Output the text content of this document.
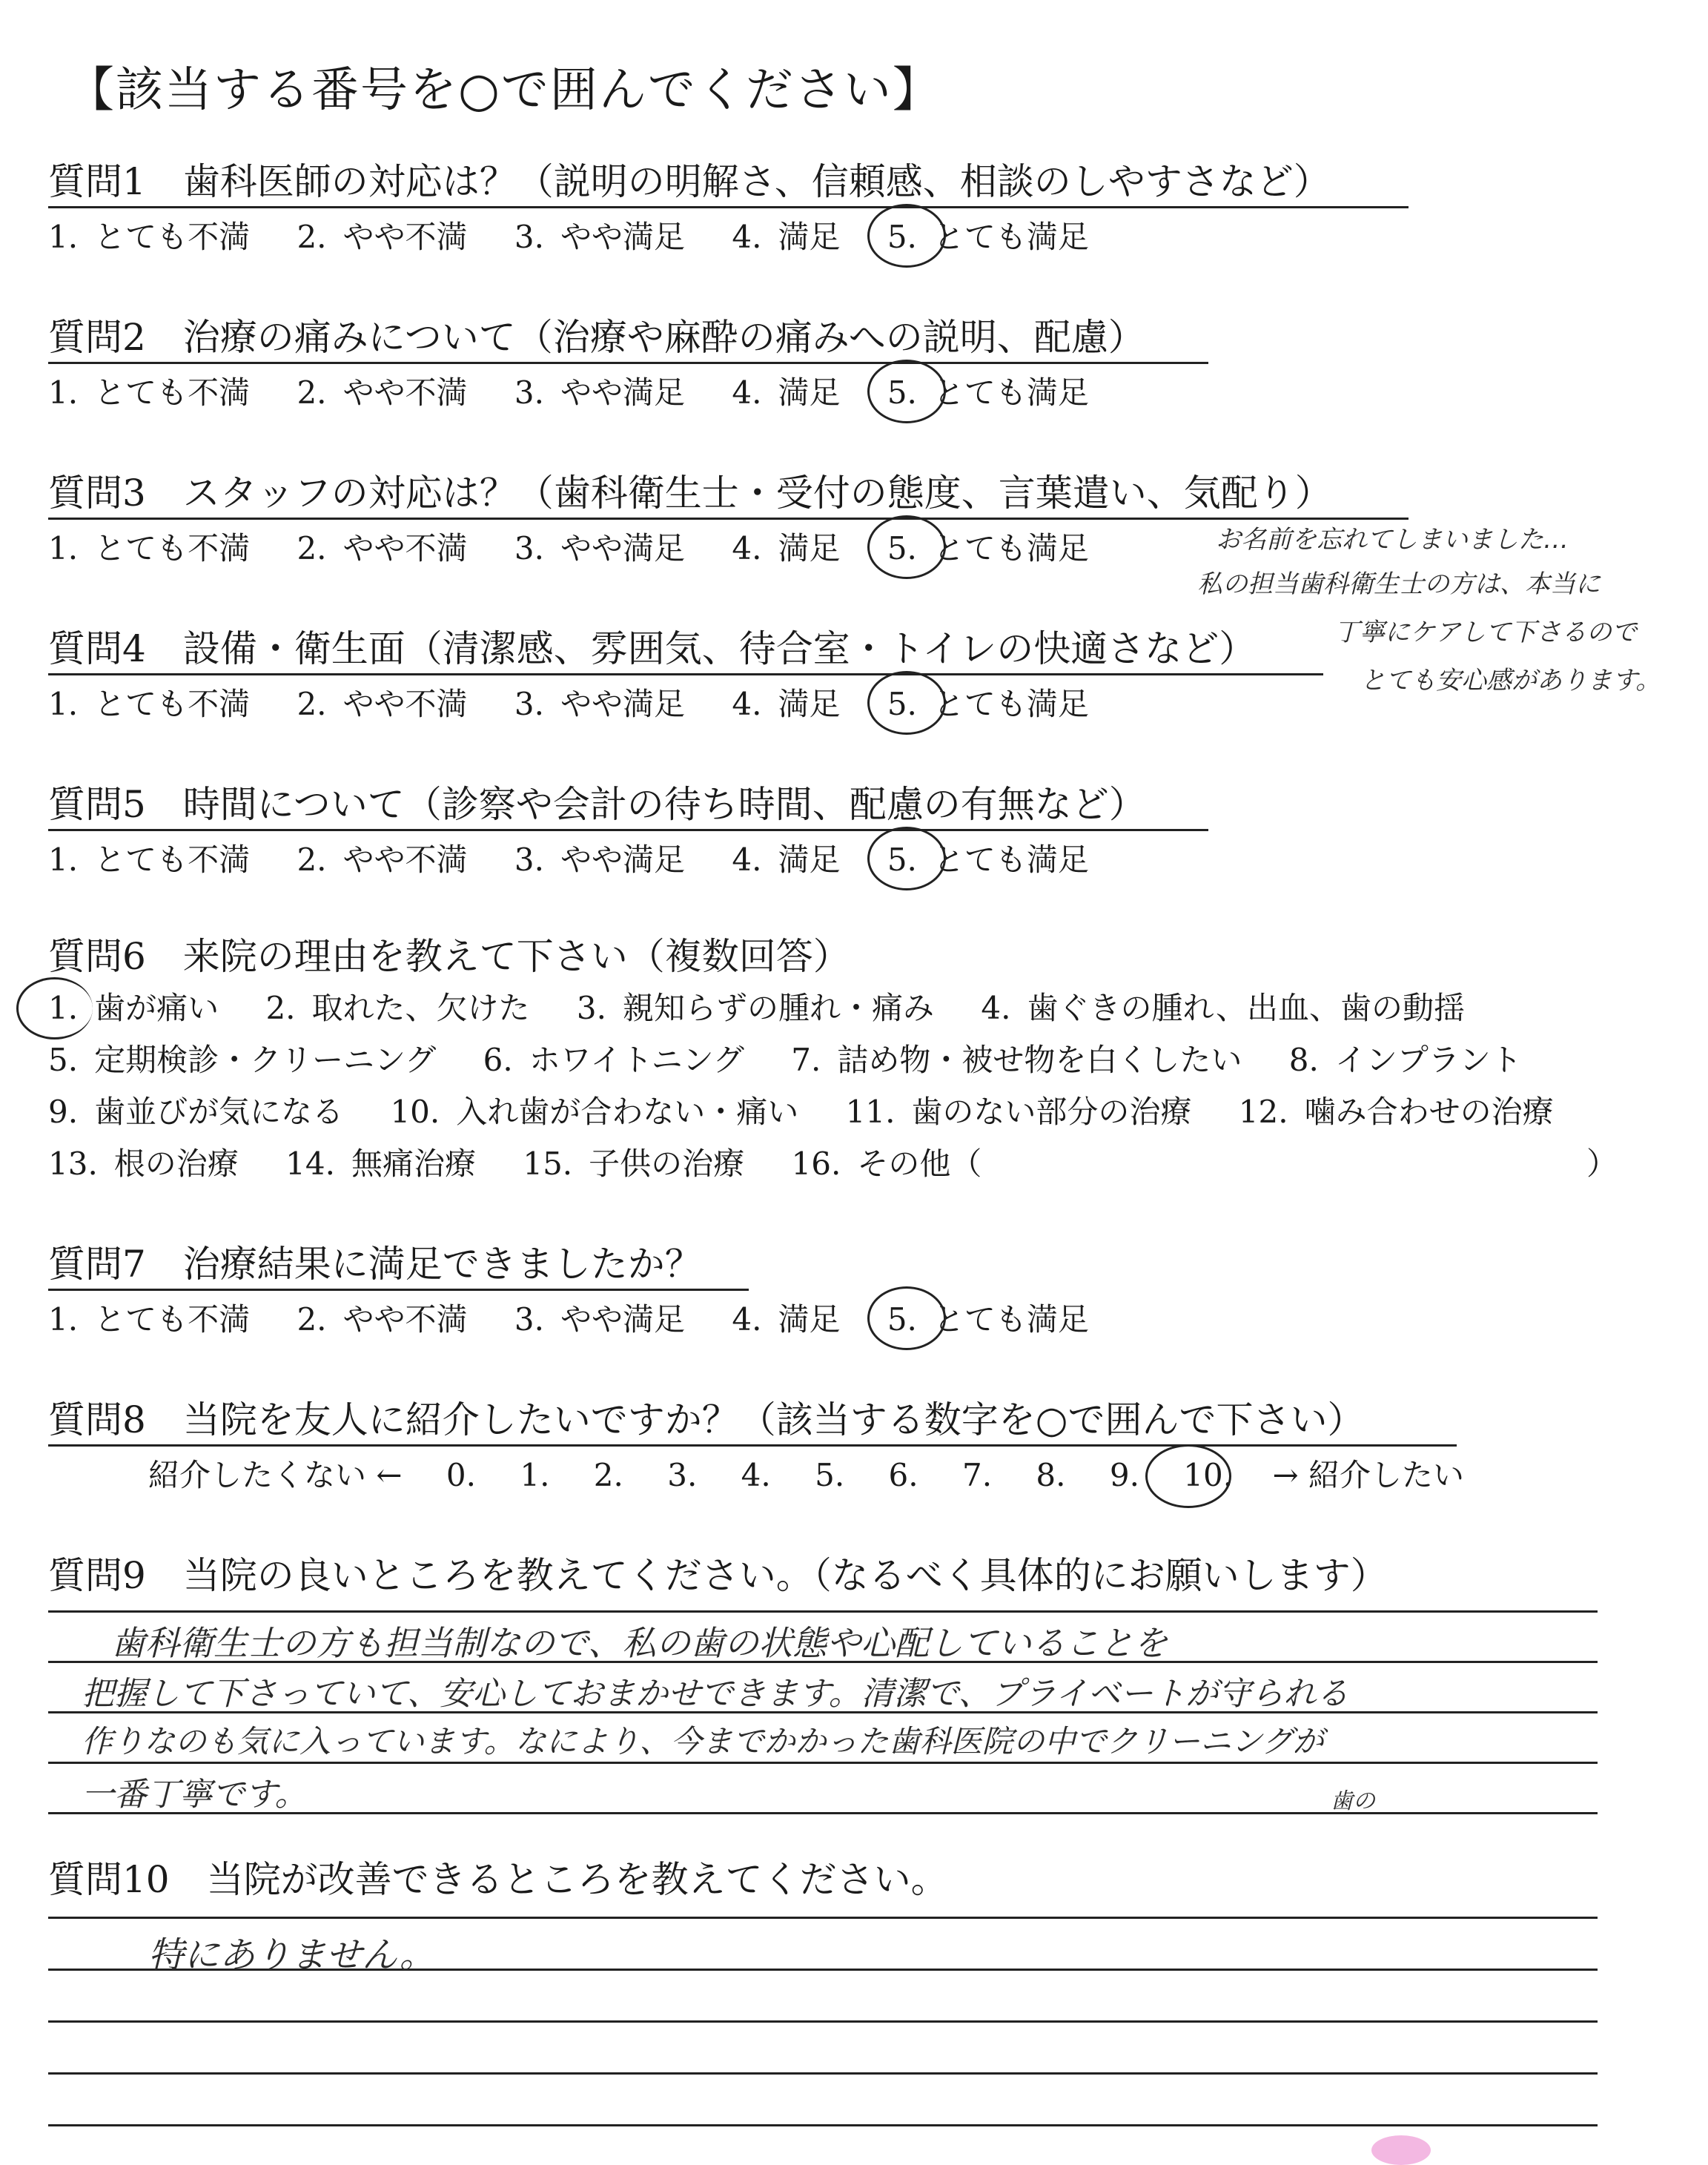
【該当する番号を○で囲んでください】
質問1　歯科医師の対応は？（説明の明解さ、信頼感、相談のしやすさなど）
1. とても不満 2. やや不満 3. やや満足 4. 満足 5. とても満足
質問2　治療の痛みについて（治療や麻酔の痛みへの説明、配慮）
1. とても不満 2. やや不満 3. やや満足 4. 満足 5. とても満足
質問3　スタッフの対応は？（歯科衛生士・受付の態度、言葉遣い、気配り）
1. とても不満 2. やや不満 3. やや満足 4. 満足 5. とても満足
質問4　設備・衛生面（清潔感、雰囲気、待合室・トイレの快適さなど）
1. とても不満 2. やや不満 3. やや満足 4. 満足 5. とても満足
質問5　時間について（診察や会計の待ち時間、配慮の有無など）
1. とても不満 2. やや不満 3. やや満足 4. 満足 5. とても満足
質問6　来院の理由を教えて下さい（複数回答）
1. 歯が痛い 2. 取れた、欠けた 3. 親知らずの腫れ・痛み 4. 歯ぐきの腫れ、出血、歯の動揺
5. 定期検診・クリーニング 6. ホワイトニング 7. 詰め物・被せ物を白くしたい 8. インプラント
9. 歯並びが気になる 10. 入れ歯が合わない・痛い 11. 歯のない部分の治療 12. 噛み合わせの治療
13. 根の治療 14. 無痛治療 15. 子供の治療 16. その他（	）
質問7　治療結果に満足できましたか？
1. とても不満 2. やや不満 3. やや満足 4. 満足 5. とても満足
質問8　当院を友人に紹介したいですか？（該当する数字を○で囲んで下さい）
紹介したくない ← 0. 1. 2. 3. 4. 5. 6. 7. 8. 9. 10. → 紹介したい
質問9　当院の良いところを教えてください。（なるべく具体的にお願いします）
歯科衛生士の方も担当制なので、私の歯の状態や心配していることを
把握して下さっていて、安心しておまかせできます。清潔で、プライベートが守られる
作りなのも気に入っています。なにより、今までかかった歯科医院の中でクリーニングが
一番丁寧です。	歯の
質問10　当院が改善できるところを教えてください。
特にありません。
お名前を忘れてしまいました…
私の担当歯科衛生士の方は、本当に
丁寧にケアして下さるので
とても安心感があります。
